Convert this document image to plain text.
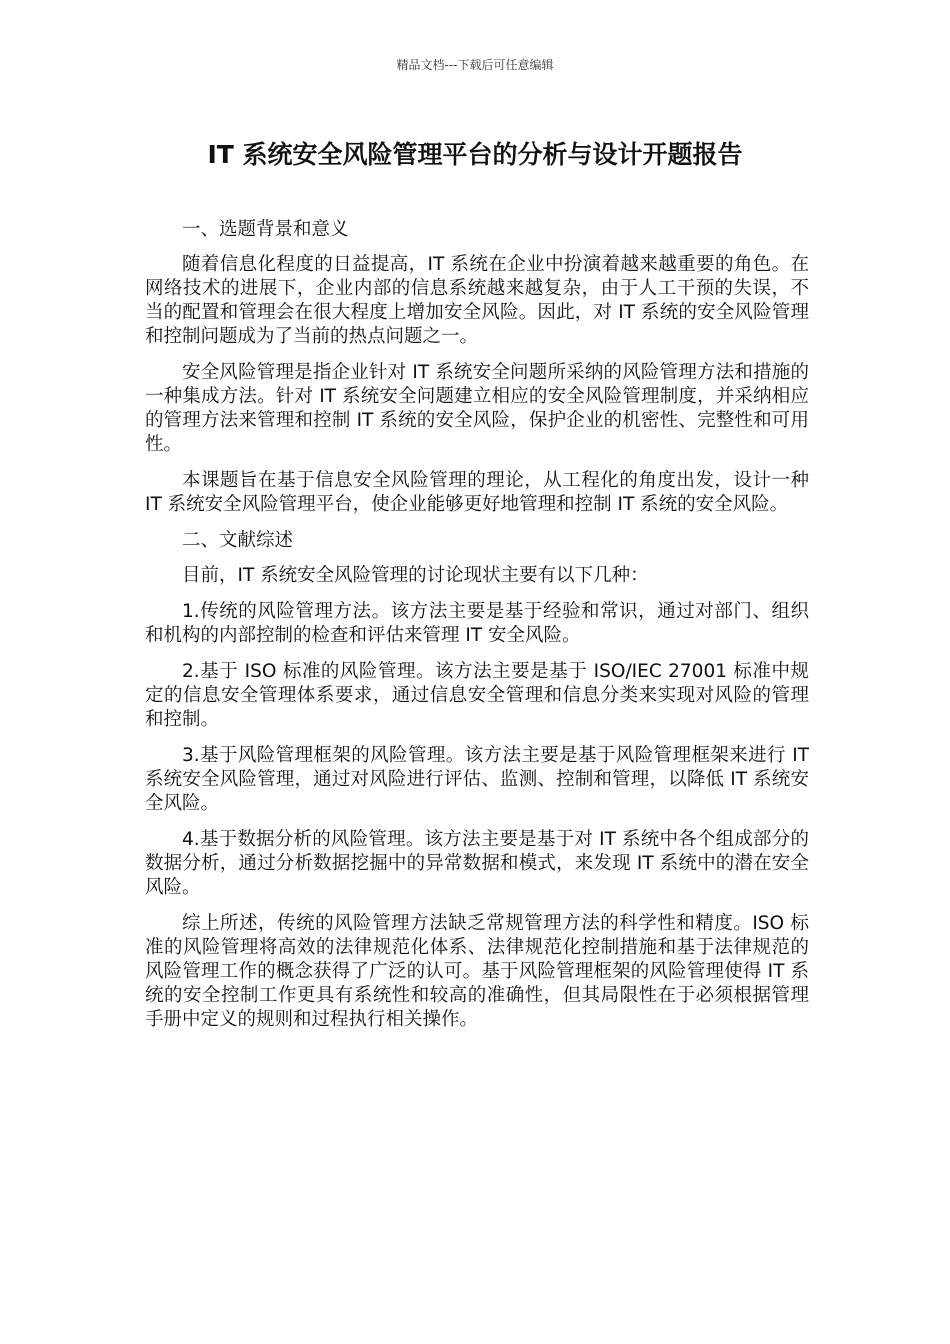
精品文档---下载后可任意编辑
IT 系统安全风险管理平台的分析与设计开题报告

一、选题背景和意义

随着信息化程度的日益提高，IT 系统在企业中扮演着越来越重要的角色。在网络技术的进展下，企业内部的信息系统越来越复杂，由于人工干预的失误，不当的配置和管理会在很大程度上增加安全风险。因此，对 IT 系统的安全风险管理和控制问题成为了当前的热点问题之一。

安全风险管理是指企业针对 IT 系统安全问题所采纳的风险管理方法和措施的一种集成方法。针对 IT 系统安全问题建立相应的安全风险管理制度，并采纳相应的管理方法来管理和控制 IT 系统的安全风险，保护企业的机密性、完整性和可用性。

本课题旨在基于信息安全风险管理的理论，从工程化的角度出发，设计一种 IT 系统安全风险管理平台，使企业能够更好地管理和控制 IT 系统的安全风险。

二、文献综述

目前，IT 系统安全风险管理的讨论现状主要有以下几种：

1.传统的风险管理方法。该方法主要是基于经验和常识，通过对部门、组织和机构的内部控制的检查和评估来管理 IT 安全风险。

2.基于 ISO 标准的风险管理。该方法主要是基于 ISO/IEC 27001 标准中规定的信息安全管理体系要求，通过信息安全管理和信息分类来实现对风险的管理和控制。

3.基于风险管理框架的风险管理。该方法主要是基于风险管理框架来进行 IT 系统安全风险管理，通过对风险进行评估、监测、控制和管理，以降低 IT 系统安全风险。

4.基于数据分析的风险管理。该方法主要是基于对 IT 系统中各个组成部分的数据分析，通过分析数据挖掘中的异常数据和模式，来发现 IT 系统中的潜在安全风险。

综上所述，传统的风险管理方法缺乏常规管理方法的科学性和精度。ISO 标准的风险管理将高效的法律规范化体系、法律规范化控制措施和基于法律规范的风险管理工作的概念获得了广泛的认可。基于风险管理框架的风险管理使得 IT 系统的安全控制工作更具有系统性和较高的准确性，但其局限性在于必须根据管理手册中定义的规则和过程执行相关操作。
